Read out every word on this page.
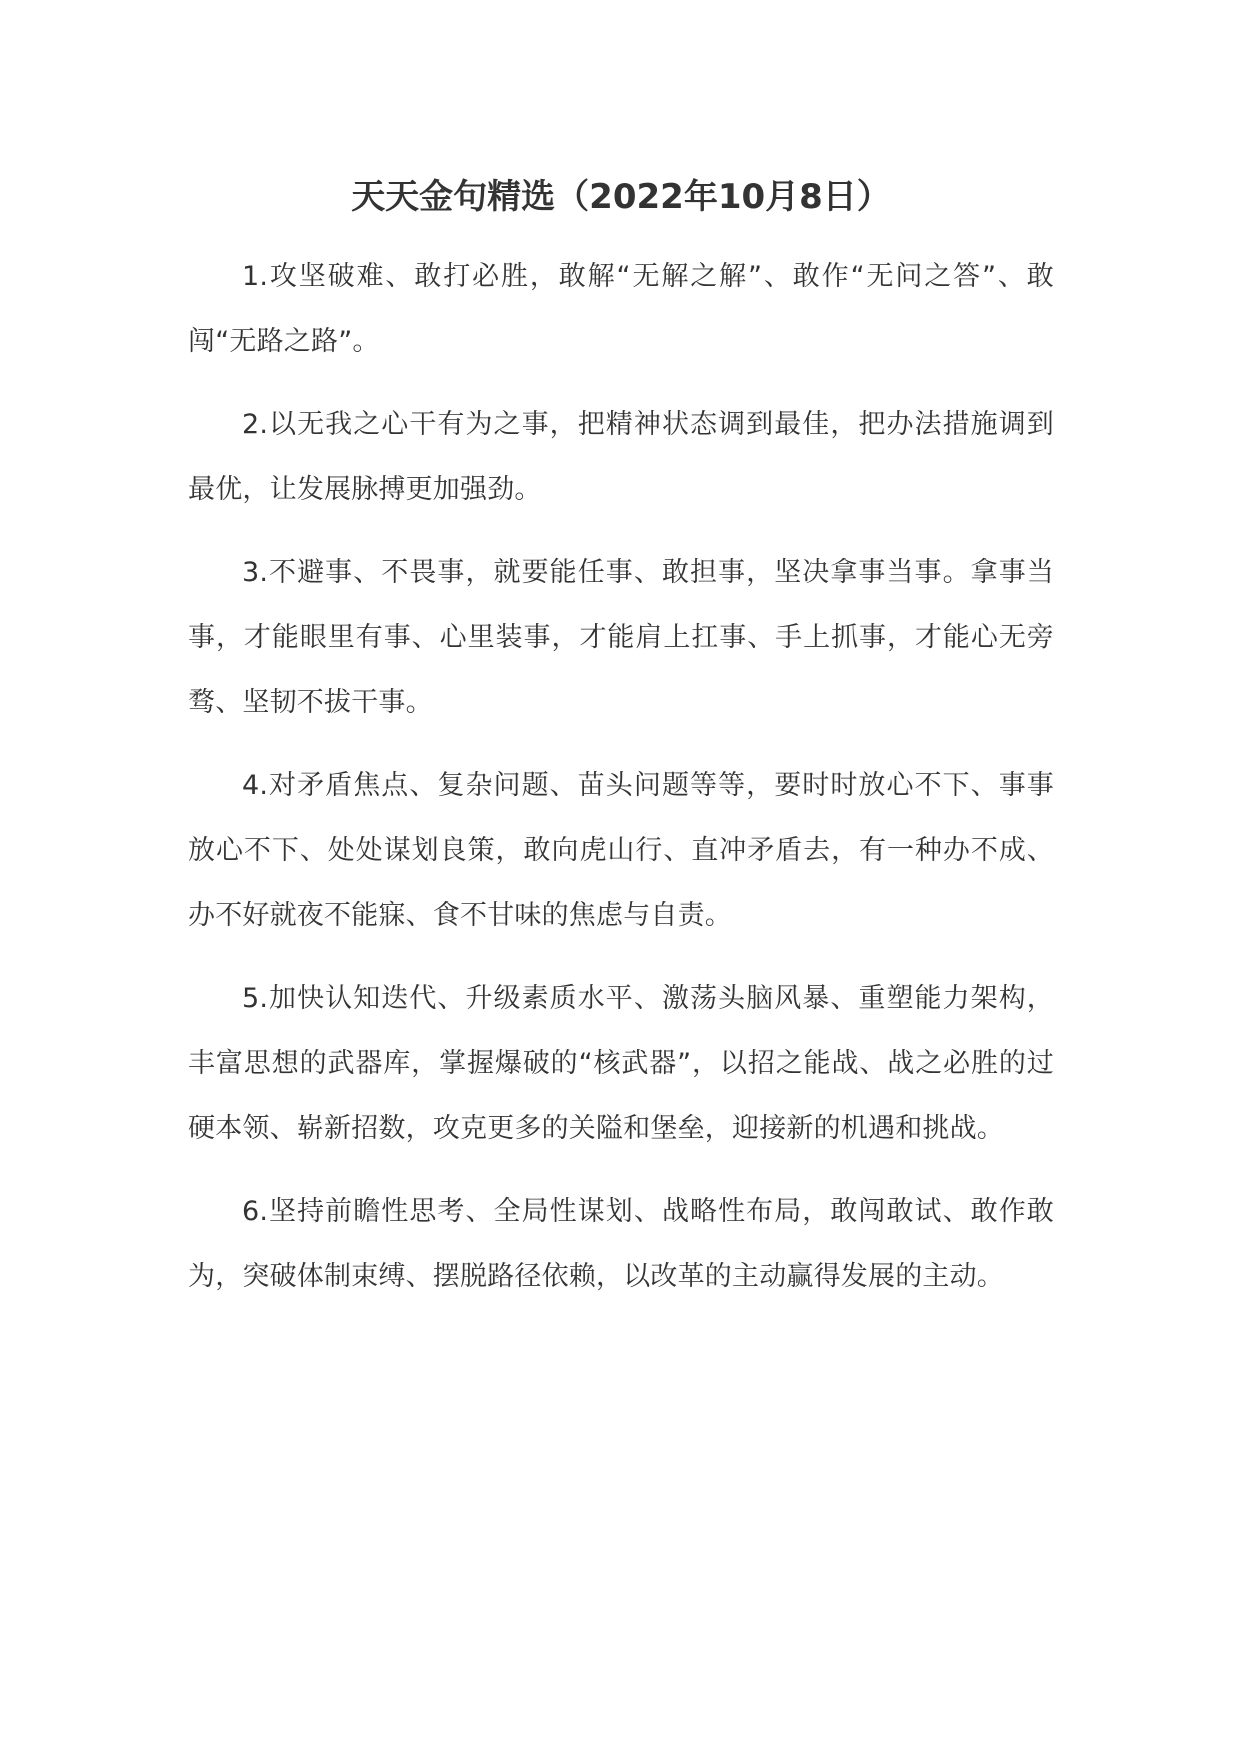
天天金句精选（2022年10月8日）

1.攻坚破难、敢打必胜，敢解“无解之解”、敢作“无问之答”、敢闯“无路之路”。

2.以无我之心干有为之事，把精神状态调到最佳，把办法措施调到最优，让发展脉搏更加强劲。

3.不避事、不畏事，就要能任事、敢担事，坚决拿事当事。拿事当事，才能眼里有事、心里装事，才能肩上扛事、手上抓事，才能心无旁骛、坚韧不拔干事。

4.对矛盾焦点、复杂问题、苗头问题等等，要时时放心不下、事事放心不下、处处谋划良策，敢向虎山行、直冲矛盾去，有一种办不成、办不好就夜不能寐、食不甘味的焦虑与自责。

5.加快认知迭代、升级素质水平、激荡头脑风暴、重塑能力架构，丰富思想的武器库，掌握爆破的“核武器”，以招之能战、战之必胜的过硬本领、崭新招数，攻克更多的关隘和堡垒，迎接新的机遇和挑战。

6.坚持前瞻性思考、全局性谋划、战略性布局，敢闯敢试、敢作敢为，突破体制束缚、摆脱路径依赖，以改革的主动赢得发展的主动。
